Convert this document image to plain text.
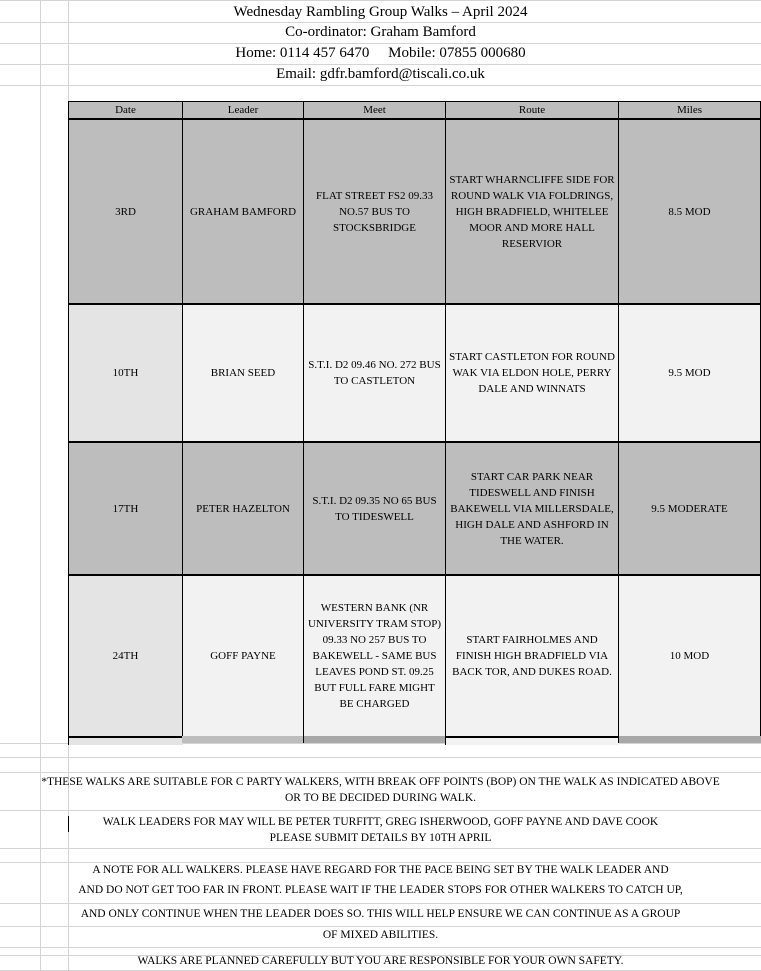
Wednesday Rambling Group Walks – April 2024
Co-ordinator: Graham Bamford
Home: 0114 457 6470     Mobile: 07855 000680
Email: gdfr.bamford@tiscali.co.uk
Date	Leader	Meet	Route	Miles
3RD	GRAHAM BAMFORD	FLAT STREET FS2 09.33 NO.57 BUS TO STOCKSBRIDGE	START WHARNCLIFFE SIDE FOR ROUND WALK VIA FOLDRINGS, HIGH BRADFIELD, WHITELEE MOOR AND MORE HALL RESERVIOR	8.5 MOD
10TH	BRIAN SEED	S.T.I. D2 09.46 NO. 272 BUS TO CASTLETON	START CASTLETON FOR ROUND WAK VIA ELDON HOLE, PERRY DALE AND WINNATS	9.5 MOD
17TH	PETER HAZELTON	S.T.I. D2 09.35 NO 65 BUS TO TIDESWELL	START CAR PARK NEAR TIDESWELL AND FINISH BAKEWELL VIA MILLERSDALE, HIGH DALE AND ASHFORD IN THE WATER.	9.5 MODERATE
24TH	GOFF PAYNE	WESTERN BANK (NR UNIVERSITY TRAM STOP) 09.33 NO 257 BUS TO BAKEWELL - SAME BUS LEAVES POND ST. 09.25 BUT FULL FARE MIGHT BE CHARGED	START FAIRHOLMES AND FINISH HIGH BRADFIELD VIA BACK TOR, AND DUKES ROAD.	10 MOD
*THESE WALKS ARE SUITABLE FOR C PARTY WALKERS, WITH BREAK OFF POINTS (BOP) ON THE WALK AS INDICATED ABOVE
OR TO BE DECIDED DURING WALK.
WALK LEADERS FOR MAY WILL BE PETER TURFITT, GREG ISHERWOOD, GOFF PAYNE AND DAVE COOK
PLEASE SUBMIT DETAILS BY 10TH APRIL
A NOTE FOR ALL WALKERS. PLEASE HAVE REGARD FOR THE PACE BEING SET BY THE WALK LEADER AND
AND DO NOT GET TOO FAR IN FRONT. PLEASE WAIT IF THE LEADER STOPS FOR OTHER WALKERS TO CATCH UP,
AND ONLY CONTINUE WHEN THE LEADER DOES SO. THIS WILL HELP ENSURE WE CAN CONTINUE AS A GROUP
OF MIXED ABILITIES.
WALKS ARE PLANNED CAREFULLY BUT YOU ARE RESPONSIBLE FOR YOUR OWN SAFETY.
